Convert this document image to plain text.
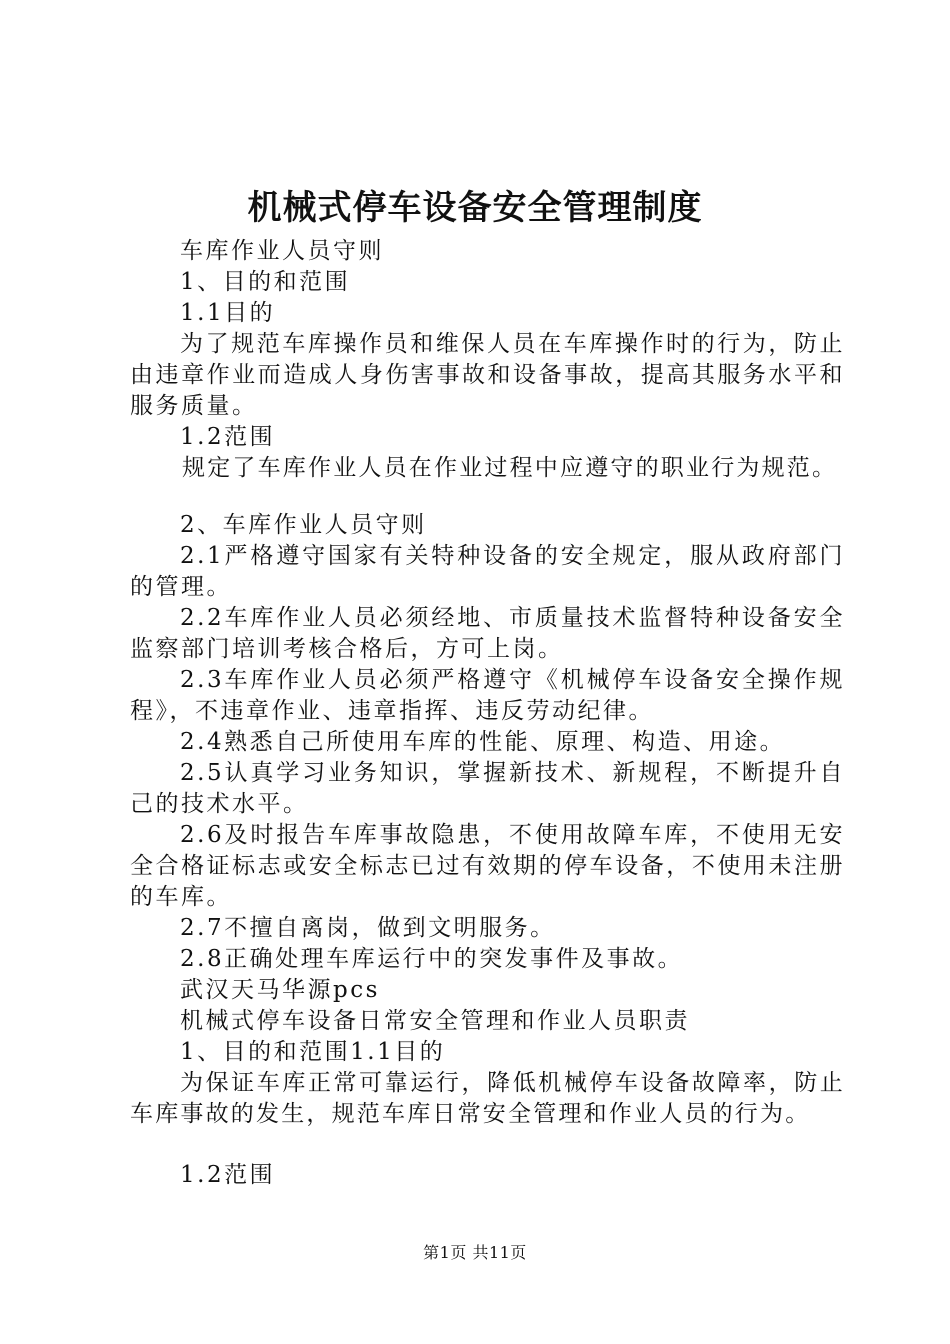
机械式停车设备安全管理制度

车库作业人员守则

1、目的和范围

1.1目的

为了规范车库操作员和维保人员在车库操作时的行为，防止由违章作业而造成人身伤害事故和设备事故，提高其服务水平和服务质量。

1.2范围

规定了车库作业人员在作业过程中应遵守的职业行为规范。

2、车库作业人员守则

2.1严格遵守国家有关特种设备的安全规定，服从政府部门的管理。

2.2车库作业人员必须经地、市质量技术监督特种设备安全监察部门培训考核合格后，方可上岗。

2.3车库作业人员必须严格遵守《机械停车设备安全操作规程》，不违章作业、违章指挥、违反劳动纪律。

2.4熟悉自己所使用车库的性能、原理、构造、用途。

2.5认真学习业务知识，掌握新技术、新规程，不断提升自己的技术水平。

2.6及时报告车库事故隐患，不使用故障车库，不使用无安全合格证标志或安全标志已过有效期的停车设备，不使用未注册的车库。

2.7不擅自离岗，做到文明服务。

2.8正确处理车库运行中的突发事件及事故。

武汉天马华源pcs

机械式停车设备日常安全管理和作业人员职责

1、目的和范围1.1目的

为保证车库正常可靠运行，降低机械停车设备故障率，防止车库事故的发生，规范车库日常安全管理和作业人员的行为。

1.2范围

第1页 共11页
